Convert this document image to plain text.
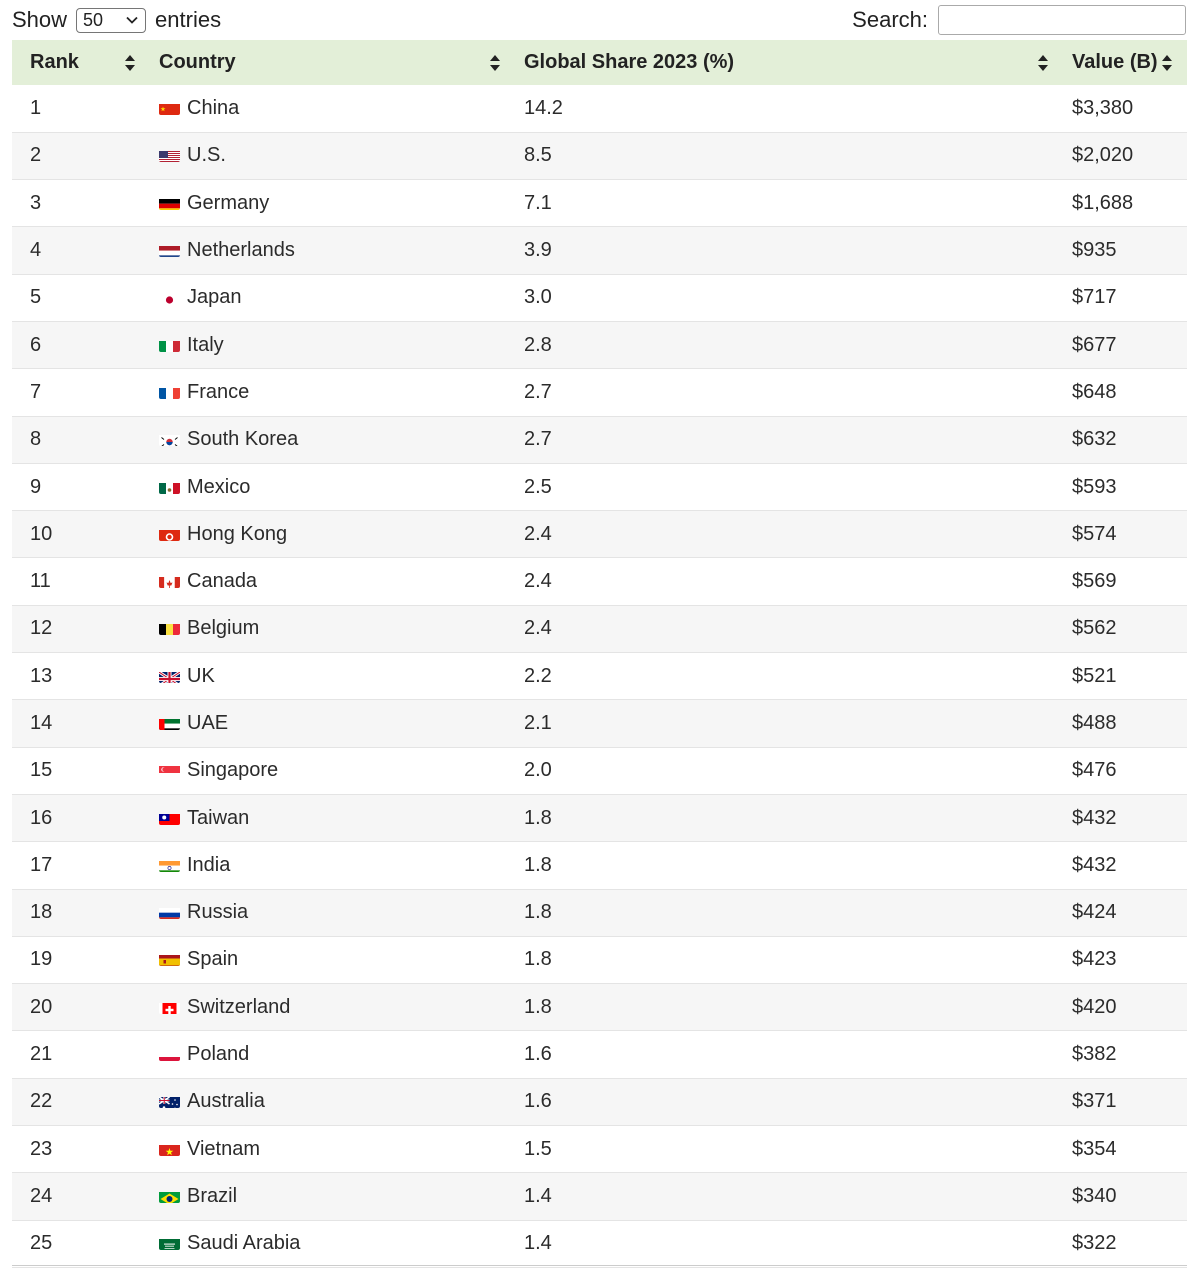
Show 50 entries	Search:
Rank	Country	Global Share 2023 (%)	Value (B)

1	China	14.2	$3,380
2	U.S.	8.5	$2,020
3	Germany	7.1	$1,688
4	Netherlands	3.9	$935
5	Japan	3.0	$717
6	Italy	2.8	$677
7	France	2.7	$648
8	South Korea	2.7	$632
9	Mexico	2.5	$593
10	Hong Kong	2.4	$574
11	Canada	2.4	$569
12	Belgium	2.4	$562
13	UK	2.2	$521
14	UAE	2.1	$488
15	Singapore	2.0	$476
16	Taiwan	1.8	$432
17	India	1.8	$432
18	Russia	1.8	$424
19	Spain	1.8	$423
20	Switzerland	1.8	$420
21	Poland	1.6	$382
22	Australia	1.6	$371
23	Vietnam	1.5	$354
24	Brazil	1.4	$340
25	Saudi Arabia	1.4	$322
